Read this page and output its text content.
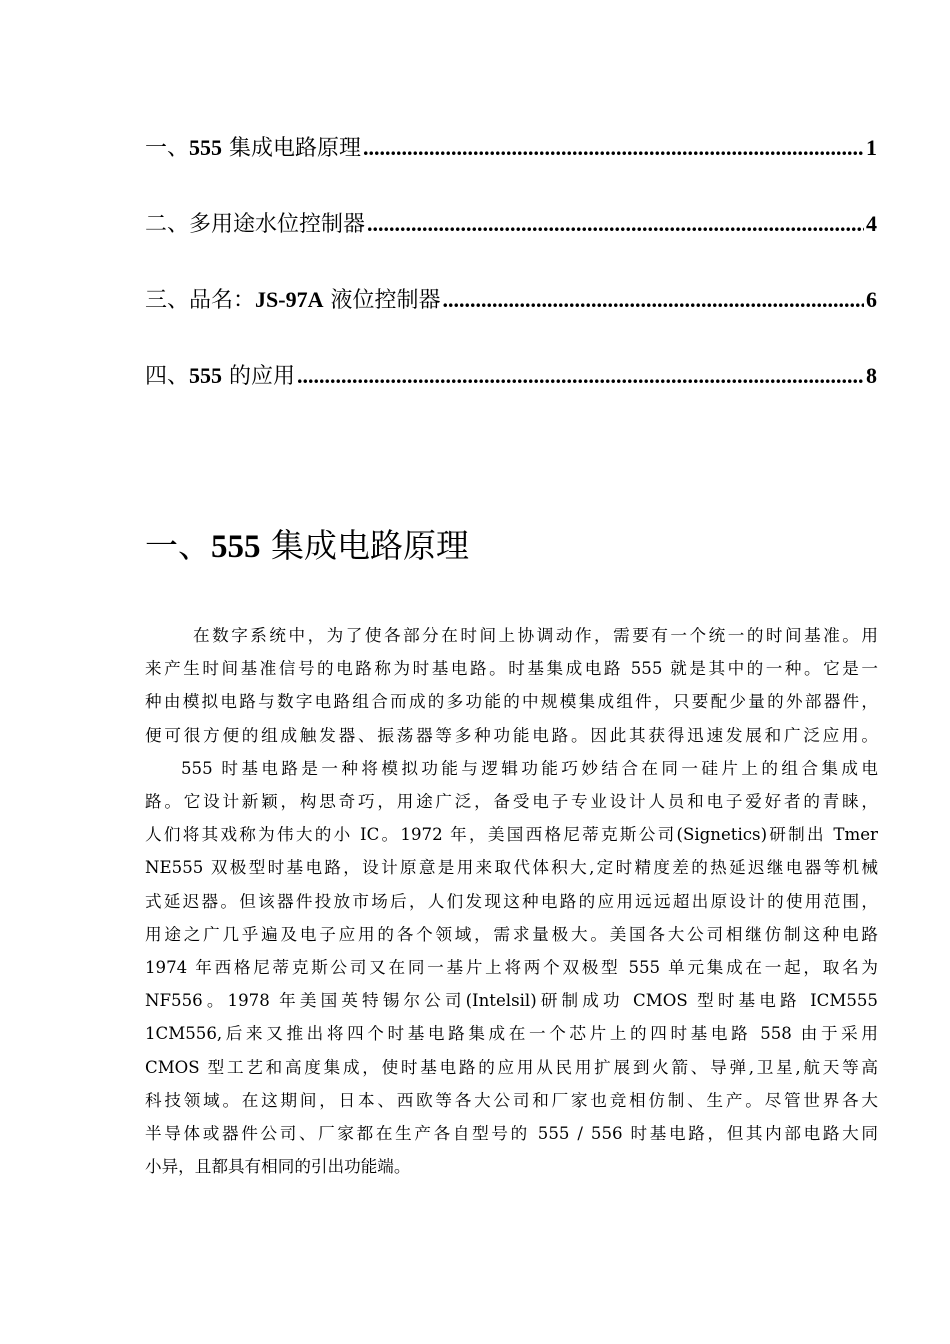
一、555 集成电路原理 .....	1
二、多用途水位控制器 .....	4
三、品名：JS-97A 液位控制器 .....	6
四、555 的应用 .....	8
一、555 集成电路原理
在数字系统中，为了使各部分在时间上协调动作，需要有一个统一的时间基准。用
来产生时间基准信号的电路称为时基电路。时基集成电路 555 就是其中的一种。它是一
种由模拟电路与数字电路组合而成的多功能的中规模集成组件，只要配少量的外部器件，
便可很方便的组成触发器、振荡器等多种功能电路。因此其获得迅速发展和广泛应用。
555 时基电路是一种将模拟功能与逻辑功能巧妙结合在同一硅片上的组合集成电
路。它设计新颖，构思奇巧，用途广泛，备受电子专业设计人员和电子爱好者的青睐，
人们将其戏称为伟大的小 IC。1972 年，美国西格尼蒂克斯公司(Signetics)研制出 Tmer
NE555 双极型时基电路，设计原意是用来取代体积大,定时精度差的热延迟继电器等机械
式延迟器。但该器件投放市场后，人们发现这种电路的应用远远超出原设计的使用范围，
用途之广几乎遍及电子应用的各个领域，需求量极大。美国各大公司相继仿制这种电路
1974 年西格尼蒂克斯公司又在同一基片上将两个双极型 555 单元集成在一起，取名为
NF556。1978 年美国英特锡尔公司(Intelsil)研制成功 CMOS 型时基电路 ICM555
1CM556,后来又推出将四个时基电路集成在一个芯片上的四时基电路 558 由于采用
CMOS 型工艺和高度集成，使时基电路的应用从民用扩展到火箭、导弹,卫星,航天等高
科技领域。在这期间，日本、西欧等各大公司和厂家也竞相仿制、生产。尽管世界各大
半导体或器件公司、厂家都在生产各自型号的 555 / 556 时基电路，但其内部电路大同
小异，且都具有相同的引出功能端。
